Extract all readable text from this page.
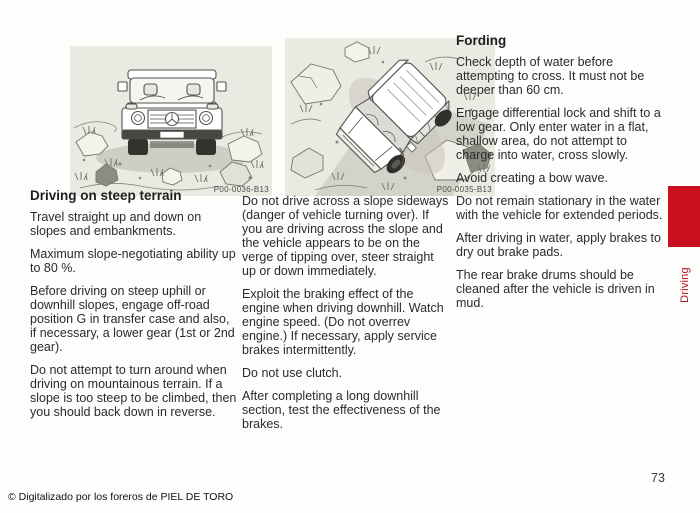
P00-0036-B13	P00-0035-B13
Driving on steep terrain

Travel straight up and down on slopes and embankments.

Maximum slope-negotiating ability up to 80 %.

Before driving on steep uphill or downhill slopes, engage off-road position G in transfer case and also, if necessary, a lower gear (1st or 2nd gear).

Do not attempt to turn around when driving on mountainous terrain. If a slope is too steep to be climbed, then you should back down in reverse.

Do not drive across a slope sideways (danger of vehicle turning over). If you are driving across the slope and the vehicle appears to be on the verge of tipping over, steer straight up or down immediately.

Exploit the braking effect of the engine when driving downhill. Watch engine speed. (Do not overrev engine.) If necessary, apply service brakes intermittently.

Do not use clutch.

After completing a long downhill section, test the effectiveness of the brakes.

Fording

Check depth of water before attempting to cross. It must not be deeper than 60 cm.

Engage differential lock and shift to a low gear. Only enter water in a flat, shallow area, do not attempt to charge into water, cross slowly.

Avoid creating a bow wave.

Do not remain stationary in the water with the vehicle for extended periods.

After driving in water, apply brakes to dry out brake pads.

The rear brake drums should be cleaned after the vehicle is driven in mud.

Driving
© Digitalizado por los foreros de PIEL DE TORO
73
